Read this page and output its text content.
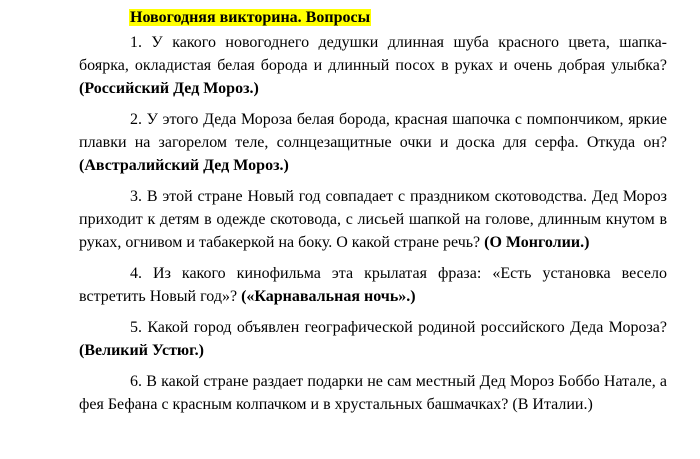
Новогодняя викторина. Вопросы

1. У какого новогоднего дедушки длинная шуба красного цвета, шапка-боярка, окладистая белая борода и длинный посох в руках и очень добрая улыбка? (Российский Дед Мороз.)

2. У этого Деда Мороза белая борода, красная шапочка с помпончиком, яркие плавки на загорелом теле, солнцезащитные очки и доска для серфа. Откуда он? (Австралийский Дед Мороз.)

3. В этой стране Новый год совпадает с праздником скотоводства. Дед Мороз приходит к детям в одежде скотовода, с лисьей шапкой на голове, длинным кнутом в руках, огнивом и табакеркой на боку. О какой стране речь? (О Монголии.)

4. Из какого кинофильма эта крылатая фраза: «Есть установка весело встретить Новый год»? («Карнавальная ночь».)

5. Какой город объявлен географической родиной российского Деда Мороза? (Великий Устюг.)

6. В какой стране раздает подарки не сам местный Дед Мороз Боббо Натале, а фея Бефана с красным колпачком и в хрустальных башмачках? (В Италии.)
